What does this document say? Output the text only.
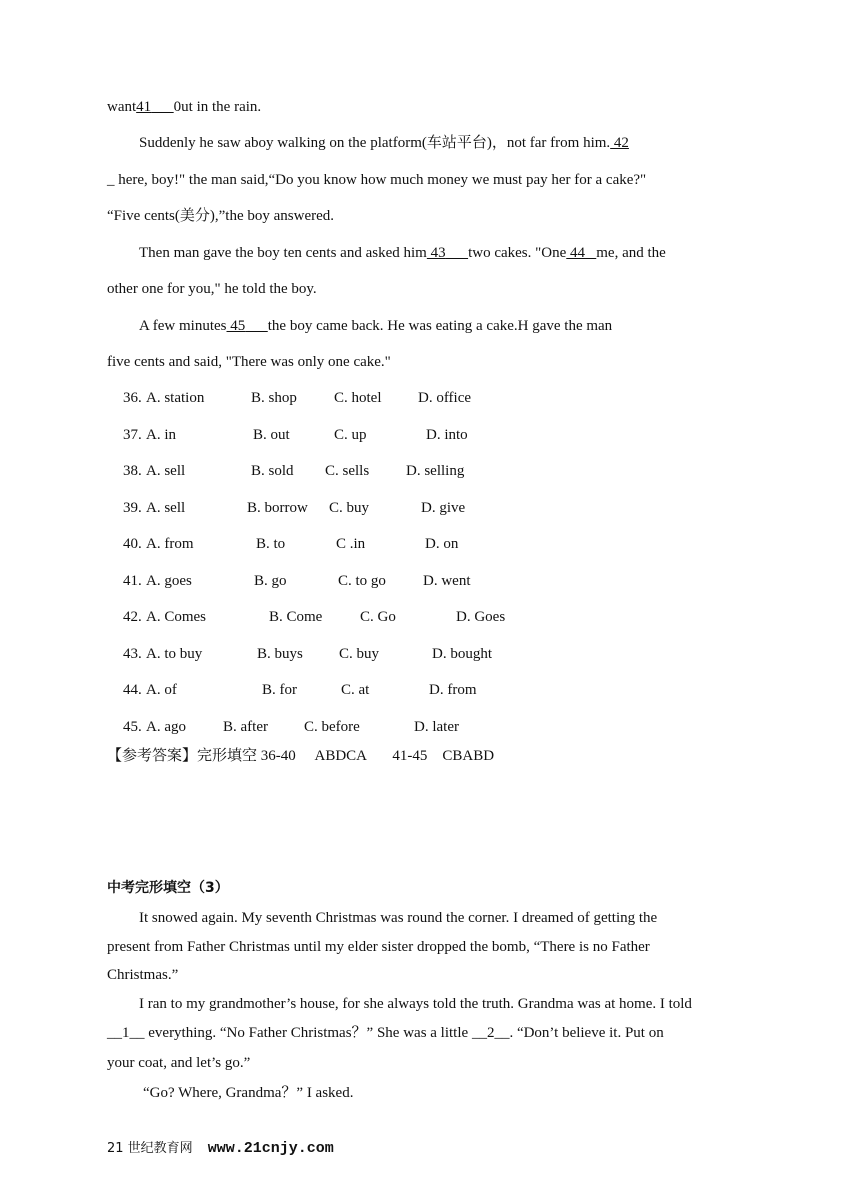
want41 0ut in the rain.
Suddenly he saw aboy walking on the platform(车站平台)，not far from him. 42
_ here, boy!" the man said,“Do you know how much money we must pay her for a cake?"
“Five cents(美分),”the boy answered.
Then man gave the boy ten cents and asked him 43 two cakes. "One 44 me, and the
other one for you," he told the boy.
A few minutes 45 the boy came back. He was eating a cake.H gave the man
five cents and said, "There was only one cake."
36. A. station	B. shop C. hotel D. office
37. A. in	B. out	C. up	D. into
38. A. sell	B. sold C. sells D. selling
39. A. sell	B. borrow C. buy	D. give
40. A. from	B. to	C .in	D. on
41. A. goes	B. go	C. to go D. went
42. A. Comes	B. Come	C. Go	D. Goes
43. A. to buy	B. buys C. buy	D. bought
44. A. of	B. for	C. at	D. from
45. A. ago B. after C. before	D. later
【参考答案】完形填空 36-40     ABDCA       41-45    CBABD
中考完形填空（3）
It snowed again. My seventh Christmas was round the corner. I dreamed of getting the
present from Father Christmas until my elder sister dropped the bomb, “There is no Father
Christmas.”
I ran to my grandmother’s house, for she always told the truth. Grandma was at home. I told
__1__ everything. “No Father Christmas？” She was a little __2__. “Don’t believe it. Put on
your coat, and let’s go.”
“Go? Where, Grandma？” I asked.
21 世纪教育网 www.21cnjy.com
